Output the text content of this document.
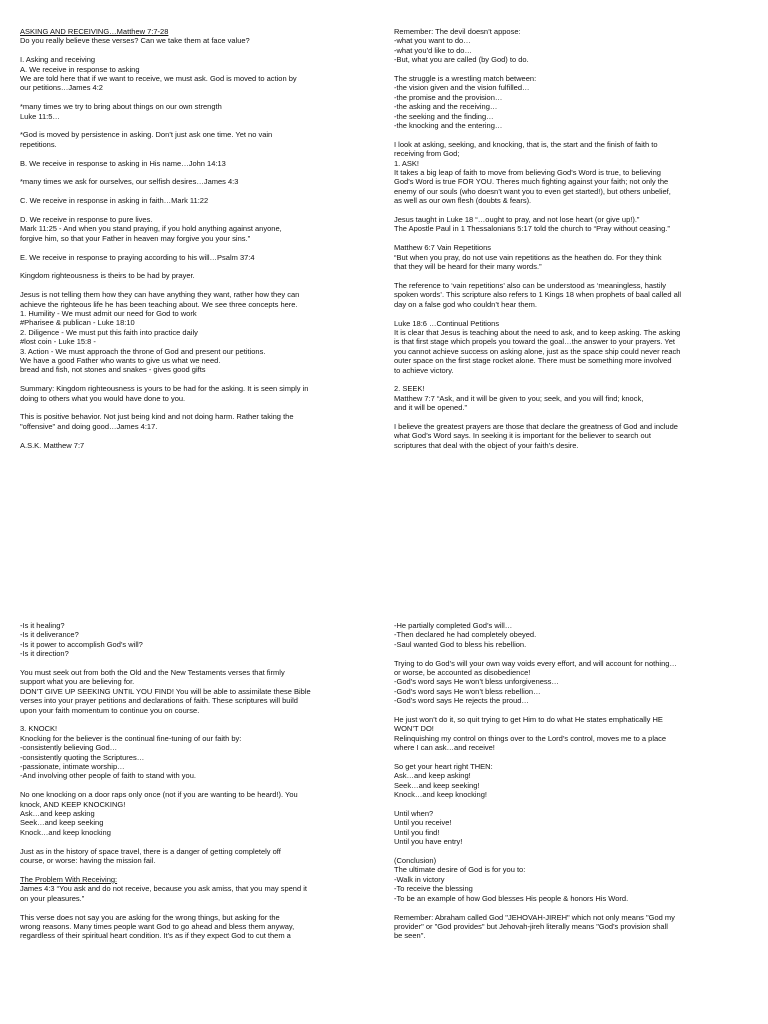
ASKING AND RECEIVING…Matthew 7:7-28
Do you really believe these verses? Can we take them at face value?
I. Asking and receiving
A. We receive in response to asking
We are told here that if we want to receive, we must ask. God is moved to action by
our petitions…James 4:2
*many times we try to bring about things on our own strength
Luke 11:5…
*God is moved by persistence in asking. Don’t just ask one time. Yet no vain
repetitions.
B. We receive in response to asking in His name…John 14:13
*many times we ask for ourselves, our selfish desires…James 4:3
C. We receive in response in asking in faith…Mark 11:22
D. We receive in response to pure lives.
Mark 11:25 - And when you stand praying, if you hold anything against anyone,
forgive him, so that your Father in heaven may forgive you your sins."
E. We receive in response to praying according to his will…Psalm 37:4
Kingdom righteousness is theirs to be had by prayer.
Jesus is not telling them how they can have anything they want, rather how they can
achieve the righteous life he has been teaching about. We see three concepts here.
1. Humility - We must admit our need for God to work
#Pharisee & publican - Luke 18:10
2. Diligence - We must put this faith into practice daily
#lost coin - Luke 15:8 -
3. Action - We must approach the throne of God and present our petitions.
We have a good Father who wants to give us what we need.
bread and fish, not stones and snakes - gives good gifts
Summary: Kingdom righteousness is yours to be had for the asking. It is seen simply in
doing to others what you would have done to you.
This is positive behavior. Not just being kind and not doing harm. Rather taking the
"offensive" and doing good…James 4:17.
A.S.K. Matthew 7:7
Remember: The devil doesn’t appose:
-what you want to do…
-what you’d like to do…
-But, what you are called (by God) to do.
The struggle is a wrestling match between:
-the vision given and the vision fulfilled…
-the promise and the provision…
-the asking and the receiving…
-the seeking and the finding…
-the knocking and the entering…
I look at asking, seeking, and knocking, that is, the start and the finish of faith to
receiving from God;
1. ASK!
It takes a big leap of faith to move from believing God’s Word is true, to believing
God’s Word is true FOR YOU. Theres much fighting against your faith; not only the
enemy of our souls (who doesn’t want you to even get started!), but others unbelief,
as well as our own flesh (doubts & fears).
Jesus taught in Luke 18 “…ought to pray, and not lose heart (or give up!).”
The Apostle Paul in 1 Thessalonians 5:17 told the church to “Pray without ceasing.”
Matthew 6:7 Vain Repetitions
“But when you pray, do not use vain repetitions as the heathen do. For they think
that they will be heard for their many words.”
The reference to ‘vain repetitions’ also can be understood as ‘meaningless, hastily
spoken words’. This scripture also refers to 1 Kings 18 when prophets of baal called all
day on a false god who couldn’t hear them.
Luke 18:6 …Continual Petitions
It is clear that Jesus is teaching about the need to ask, and to keep asking. The asking
is that first stage which propels you toward the goal…the answer to your prayers. Yet
you cannot achieve success on asking alone, just as the space ship could never reach
outer space on the first stage rocket alone. There must be something more involved
to achieve victory.
2. SEEK!
Matthew 7:7 “Ask, and it will be given to you; seek, and you will find; knock,
and it will be opened.”
I believe the greatest prayers are those that declare the greatness of God and include
what God’s Word says. In seeking it is important for the believer to search out
scriptures that deal with the object of your faith’s desire.
-Is it healing?
-Is it deliverance?
-Is it power to accomplish God’s will?
-Is it direction?
You must seek out from both the Old and the New Testaments verses that firmly
support what you are believing for.
DON’T GIVE UP SEEKING UNTIL YOU FIND! You will be able to assimilate these Bible
verses into your prayer petitions and declarations of faith. These scriptures will build
upon your faith momentum to continue you on course.
3. KNOCK!
Knocking for the believer is the continual fine-tuning of our faith by:
-consistently believing God…
-consistently quoting the Scriptures…
-passionate, intimate worship…
-And involving other people of faith to stand with you.
No one knocking on a door raps only once (not if you are wanting to be heard!). You
knock, AND KEEP KNOCKING!
Ask…and keep asking
Seek…and keep seeking
Knock…and keep knocking
Just as in the history of space travel, there is a danger of getting completely off
course, or worse: having the mission fail.
The Problem With Receiving:
James 4:3 “You ask and do not receive, because you ask amiss, that you may spend it
on your pleasures.”
This verse does not say you are asking for the wrong things, but asking for the
wrong reasons. Many times people want God to go ahead and bless them anyway,
regardless of their spiritual heart condition. It’s as if they expect God to cut them a
-He partially completed God’s will…
-Then declared he had completely obeyed.
-Saul wanted God to bless his rebellion.
Trying to do God’s will your own way voids every effort, and will account for nothing…
or worse, be accounted as disobedience!
-God’s word says He won’t bless unforgiveness…
-God’s word says He won’t bless rebellion…
-God’s word says He rejects the proud…
He just won’t do it, so quit trying to get Him to do what He states emphatically HE
WON’T DO!
Relinquishing my control on things over to the Lord’s control, moves me to a place
where I can ask…and receive!
So get your heart right THEN:
Ask…and keep asking!
Seek…and keep seeking!
Knock…and keep knocking!
Until when?
Until you receive!
Until you find!
Until you have entry!
(Conclusion)
The ultimate desire of God is for you to:
-Walk in victory
-To receive the blessing
-To be an example of how God blesses His people & honors His Word.
Remember: Abraham called God "JEHOVAH-JIREH" which not only means "God my
provider" or "God provides" but Jehovah-jireh literally means "God's provision shall
be seen".
